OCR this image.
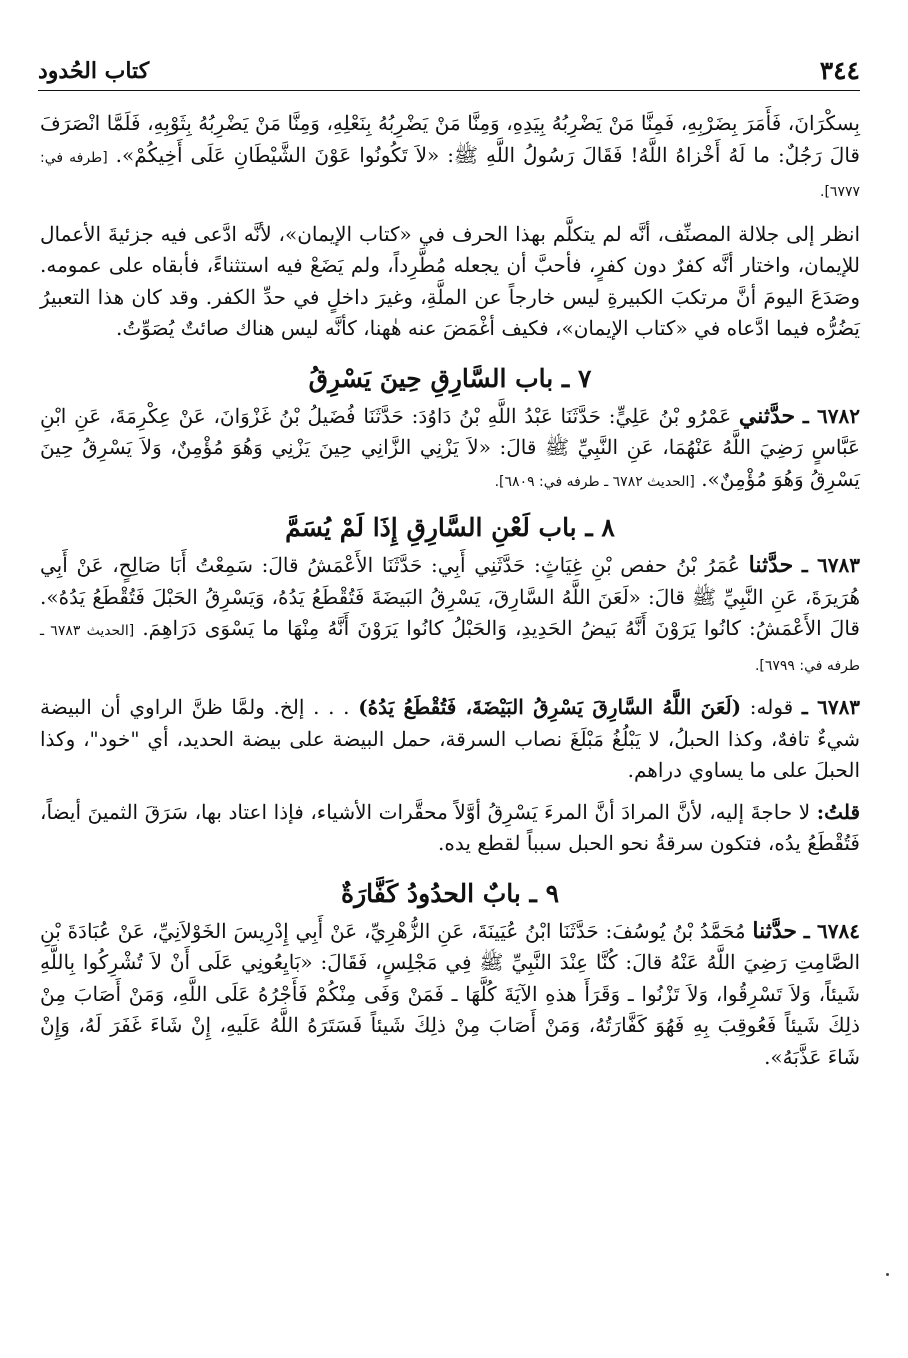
كتاب الحُدود	٣٤٤

بِسكْرَانَ، فَأَمَرَ بِضَرْبِهِ، فَمِنَّا مَنْ يَضْرِبُهُ بِيَدِهِ، وَمِنَّا مَنْ يَضْرِبُهُ بِنَعْلِهِ، وَمِنَّا مَنْ يَضْرِبُهُ بِثَوْبِهِ، فَلَمَّا انْصَرَفَ قالَ رَجُلٌ: ما لَهُ أَخْزاهُ اللَّهُ! فَقَالَ رَسُولُ اللَّهِ ﷺ: «لاَ تَكُونُوا عَوْنَ الشَّيْطَانِ عَلَى أَخِيكُمْ». [طرفه في: ٦٧٧٧].

انظر إلى جلالة المصنِّف، أنَّه لم يتكلَّم بهذا الحرف في «كتاب الإيمان»، لأنَّه ادَّعى فيه جزئيةَ الأعمال للإيمان، واختار أنَّه كفرٌ دون كفرٍ، فأحبَّ أن يجعله مُطَّرِداً، ولم يَضَعْ فيه استثناءً، فأبقاه على عمومه. وصَدَعَ اليومَ أنَّ مرتكبَ الكبيرةِ ليس خارجاً عن الملَّةِ، وغيرَ داخلٍ في حدِّ الكفر. وقد كان هذا التعبيرُ يَضُرُّه فيما ادَّعاه في «كتاب الإيمان»، فكيف أغْمَضَ عنه هٰهنا، كأنَّه ليس هناك صائتٌ يُصَوِّتُ.

٧ ـ باب السَّارِقِ حِينَ يَسْرِقُ

٦٧٨٢ ـ حدَّثني عَمْرُو بْنُ عَلِيٍّ: حَدَّثَنَا عَبْدُ اللَّهِ بْنُ دَاوُدَ: حَدَّثَنَا فُضَيلُ بْنُ غَزْوَانَ، عَنْ عِكْرِمَةَ، عَنِ ابْنِ عَبَّاسٍ رَضِيَ اللَّهُ عَنْهُمَا، عَنِ النَّبِيِّ ﷺ قالَ: «لاَ يَزْنِي الزَّانِي حِينَ يَزْنِي وَهُوَ مُؤْمِنٌ، وَلاَ يَسْرِقُ حِينَ يَسْرِقُ وَهُوَ مُؤْمِنٌ». [الحديث ٦٧٨٢ ـ طرفه في: ٦٨٠٩].

٨ ـ باب لَعْنِ السَّارِقِ إِذَا لَمْ يُسَمَّ

٦٧٨٣ ـ حدَّثنا عُمَرُ بْنُ حفص بْنِ غِيَاثٍ: حَدَّثَنِي أَبِي: حَدَّثَنَا الأَعْمَشُ قالَ: سَمِعْتُ أَبَا صَالِحٍ، عَنْ أَبِي هُرَيرَةَ، عَنِ النَّبِيِّ ﷺ قالَ: «لَعَنَ اللَّهُ السَّارِقَ، يَسْرِقُ البَيضَةَ فَتُقْطَعُ يَدُهُ، وَيَسْرِقُ الحَبْلَ فَتُقْطَعُ يَدُهُ». قالَ الأَعْمَشُ: كانُوا يَرَوْنَ أَنَّهُ بَيضُ الحَدِيدِ، وَالحَبْلُ كانُوا يَرَوْنَ أَنَّهُ مِنْهَا ما يَسْوَى دَرَاهِمَ. [الحديث ٦٧٨٣ ـ طرفه في: ٦٧٩٩].

٦٧٨٣ ـ قوله: (لَعَنَ اللَّهُ السَّارِقَ يَسْرِقُ البَيْضَةَ، فَتُقْطَعُ يَدُهُ) . . . إلخ. ولمَّا ظنَّ الراوي أن البيضة شيءٌ تافهٌ، وكذا الحبلُ، لا يَبْلُغُ مَبْلَغَ نصاب السرقة، حمل البيضة على بيضة الحديد، أي "خود"، وكذا الحبلَ على ما يساوي دراهم.

قلتُ: لا حاجةَ إليه، لأنَّ المرادَ أنَّ المرءَ يَسْرِقُ أوَّلاً محقَّرات الأشياء، فإذا اعتاد بها، سَرَقَ الثمينَ أيضاً، فَتُقْطَعُ يدُه، فتكون سرقةُ نحو الحبل سبباً لقطع يده.

٩ ـ بابٌ الحدُودُ كَفَّارَةٌ

٦٧٨٤ ـ حدَّثنا مُحَمَّدُ بْنُ يُوسُفَ: حَدَّثَنَا ابْنُ عُيَينَةَ، عَنِ الزُّهْرِيِّ، عَنْ أَبِي إِدْرِيسَ الخَوْلاَنِيِّ، عَنْ عُبَادَةَ بْنِ الصَّامِتِ رَضِيَ اللَّهُ عَنْهُ قالَ: كُنَّا عِنْدَ النَّبِيِّ ﷺ فِي مَجْلِسٍ، فَقَالَ: «بَايِعُونِي عَلَى أَنْ لاَ تُشْرِكُوا بِاللَّهِ شَيئاً، وَلاَ تَسْرِقُوا، وَلاَ تَزْنُوا ـ وَقَرَأَ هذهِ الآيَةَ كُلَّهَا ـ فَمَنْ وَفَى مِنْكُمْ فَأَجْرُهُ عَلَى اللَّهِ، وَمَنْ أَصَابَ مِنْ ذلِكَ شَيئاً فَعُوقِبَ بِهِ فَهُوَ كَفَّارَتُهُ، وَمَنْ أَصَابَ مِنْ ذلِكَ شَيئاً فَسَتَرَهُ اللَّهُ عَلَيهِ، إِنْ شَاءَ غَفَرَ لَهُ، وَإِنْ شَاءَ عَذَّبَهُ».
